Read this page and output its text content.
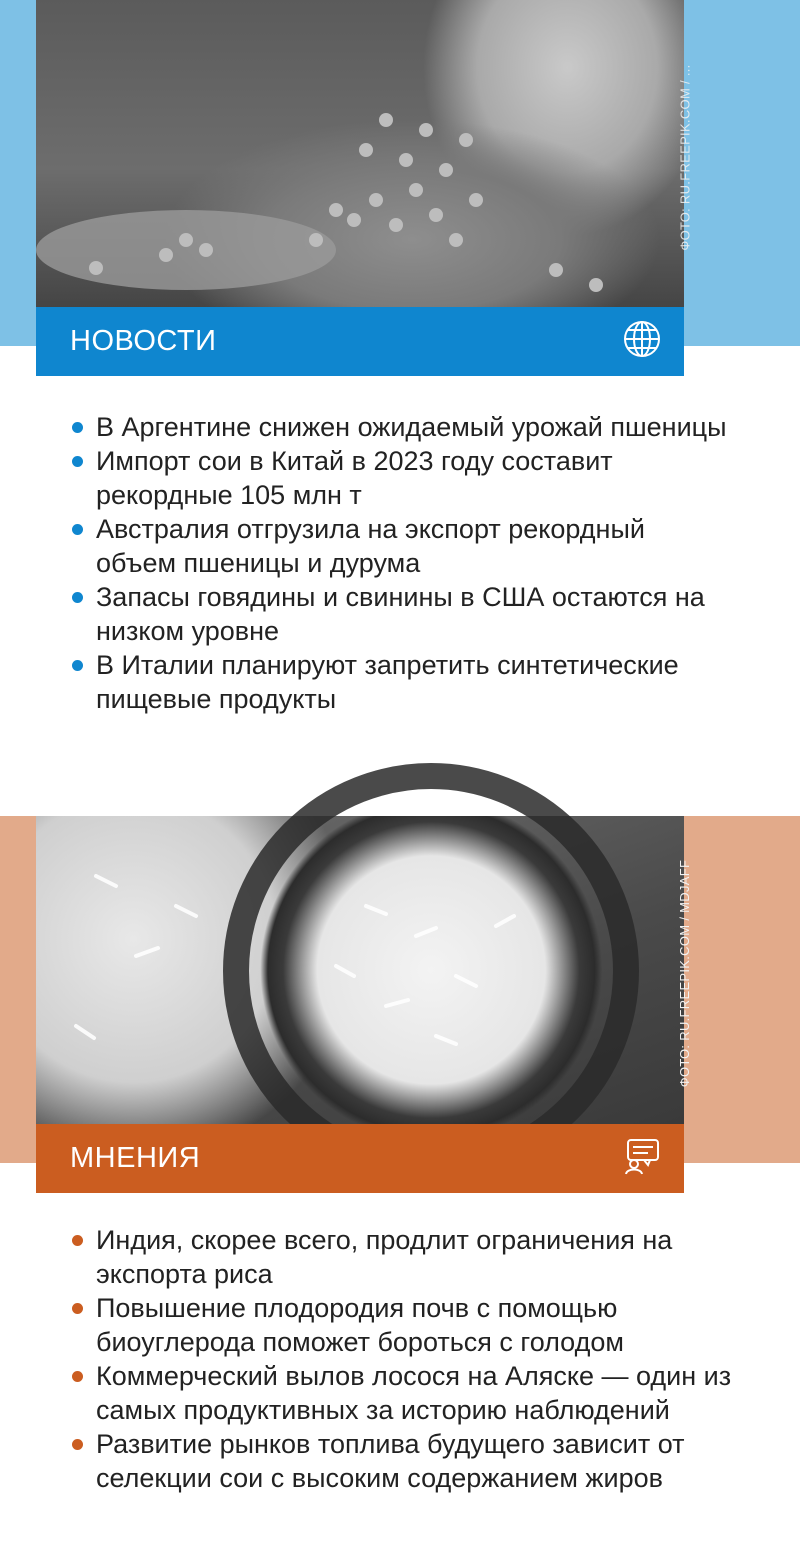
ФОТО: RU.FREEPIK.COM / ...
НОВОСТИ
В Аргентине снижен ожидаемый урожай пшеницы
Импорт сои в Китай в 2023 году составит рекордные 105 млн т
Австралия отгрузила на экспорт рекордный объем пшеницы и дурума
Запасы говядины и свинины в США остаются на низком уровне
В Италии планируют запретить синтетические пищевые продукты
ФОТО: RU.FREEPIK.COM / MDJAFF
МНЕНИЯ
Индия, скорее всего, продлит ограничения на экспорта риса
Повышение плодородия почв с помощью биоуглерода поможет бороться с голодом
Коммерческий вылов лосося на Аляске — один из самых продуктивных за историю наблюдений
Развитие рынков топлива будущего зависит от селекции сои с высоким содержанием жиров
